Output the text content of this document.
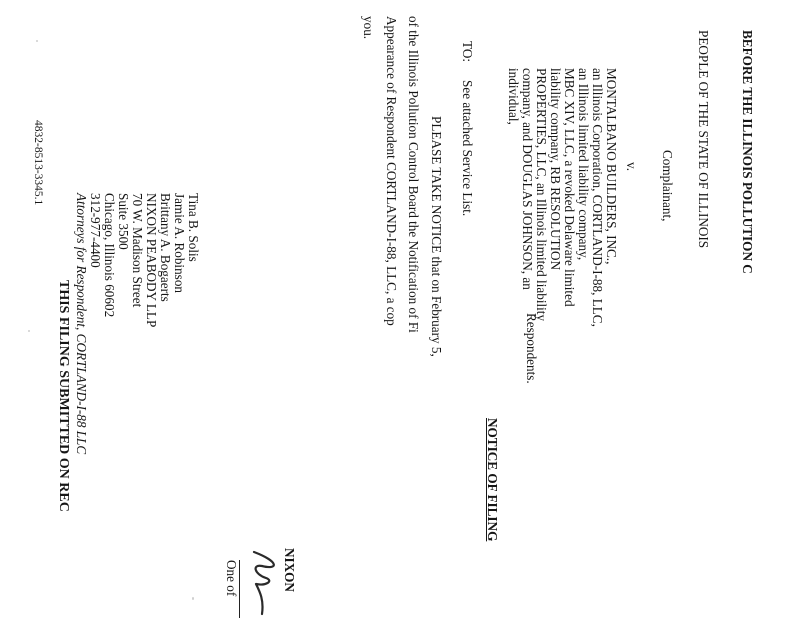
BEFORE THE ILLINOIS POLLUTION C
PEOPLE OF THE STATE OF ILLINOIS
Complainant,
v.
MONTALBANO BUILDERS, INC.,
an Illinois Corporation, CORTLAND-I-88, LLC,
an Illinois limited liability company,
MBC XIV, LLC, a revoked Delaware limited
liability company, RB RESOLUTION
PROPERTIES, LLC, an Illinois limited liability
company, and DOUGLAS JOHNSON, an
individual,
Respondents.
NOTICE OF FILING
TO:
See attached Service List.
PLEASE TAKE NOTICE that on February 5,
of the Illinois Pollution Control Board the Notification of Fi
Appearance of Respondent CORTLAND-I-88, LLC, a cop
you.
NIXON
One of
Tina B. Solis
Jamie A. Robinson
Brittany A. Bogaerts
NIXON PEABODY LLP
70 W. Madison Street
Suite 3500
Chicago, Illinois 60602
312-977-4400
Attorneys for Respondent, CORTLAND-I-88 LLC
4832-8513-3345.1
THIS FILING SUBMITTED ON REC
